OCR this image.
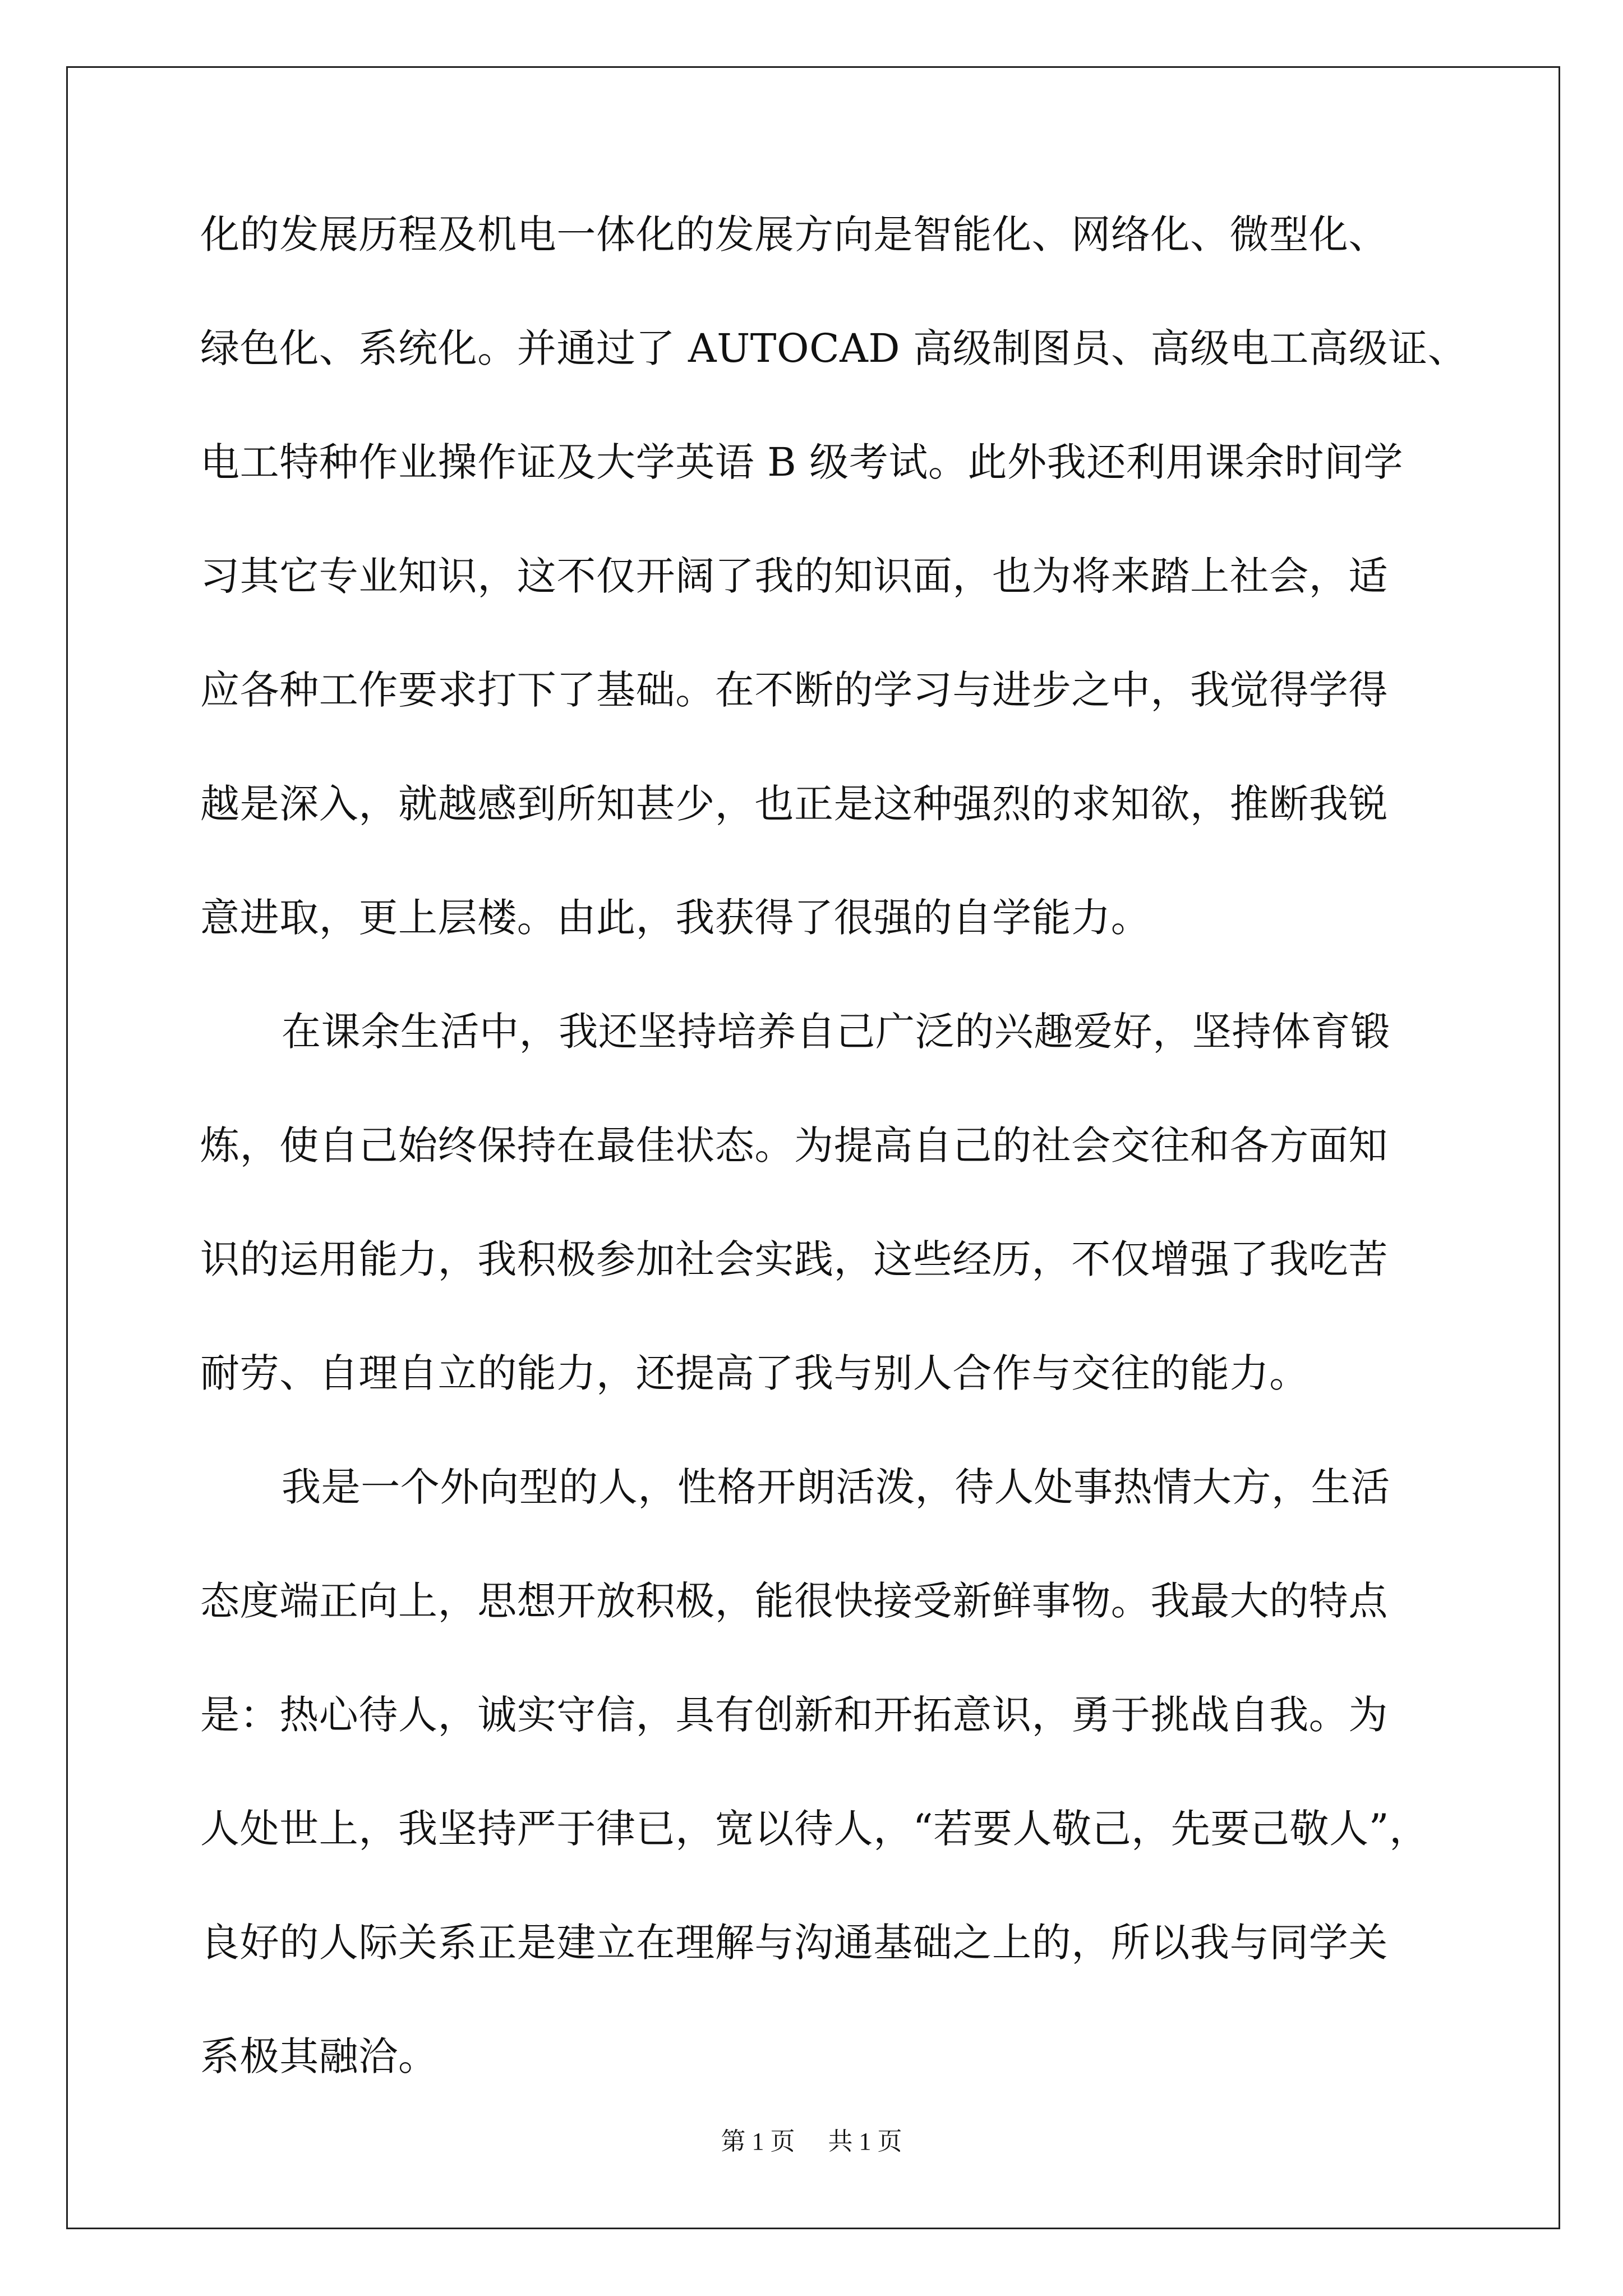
化的发展历程及机电一体化的发展方向是智能化、网络化、微型化、
绿色化、系统化。并通过了 AUTOCAD 高级制图员、高级电工高级证、
电工特种作业操作证及大学英语 B 级考试。此外我还利用课余时间学
习其它专业知识，这不仅开阔了我的知识面，也为将来踏上社会，适
应各种工作要求打下了基础。在不断的学习与进步之中，我觉得学得
越是深入，就越感到所知甚少，也正是这种强烈的求知欲，推断我锐
意进取，更上层楼。由此，我获得了很强的自学能力。
在课余生活中，我还坚持培养自己广泛的兴趣爱好，坚持体育锻
炼，使自己始终保持在最佳状态。为提高自己的社会交往和各方面知
识的运用能力，我积极参加社会实践，这些经历，不仅增强了我吃苦
耐劳、自理自立的能力，还提高了我与别人合作与交往的能力。
我是一个外向型的人，性格开朗活泼，待人处事热情大方，生活
态度端正向上，思想开放积极，能很快接受新鲜事物。我最大的特点
是：热心待人，诚实守信，具有创新和开拓意识，勇于挑战自我。为
人处世上，我坚持严于律已，宽以待人，“若要人敬己，先要己敬人”，
良好的人际关系正是建立在理解与沟通基础之上的，所以我与同学关
系极其融洽。
第 1 页 共 1 页
